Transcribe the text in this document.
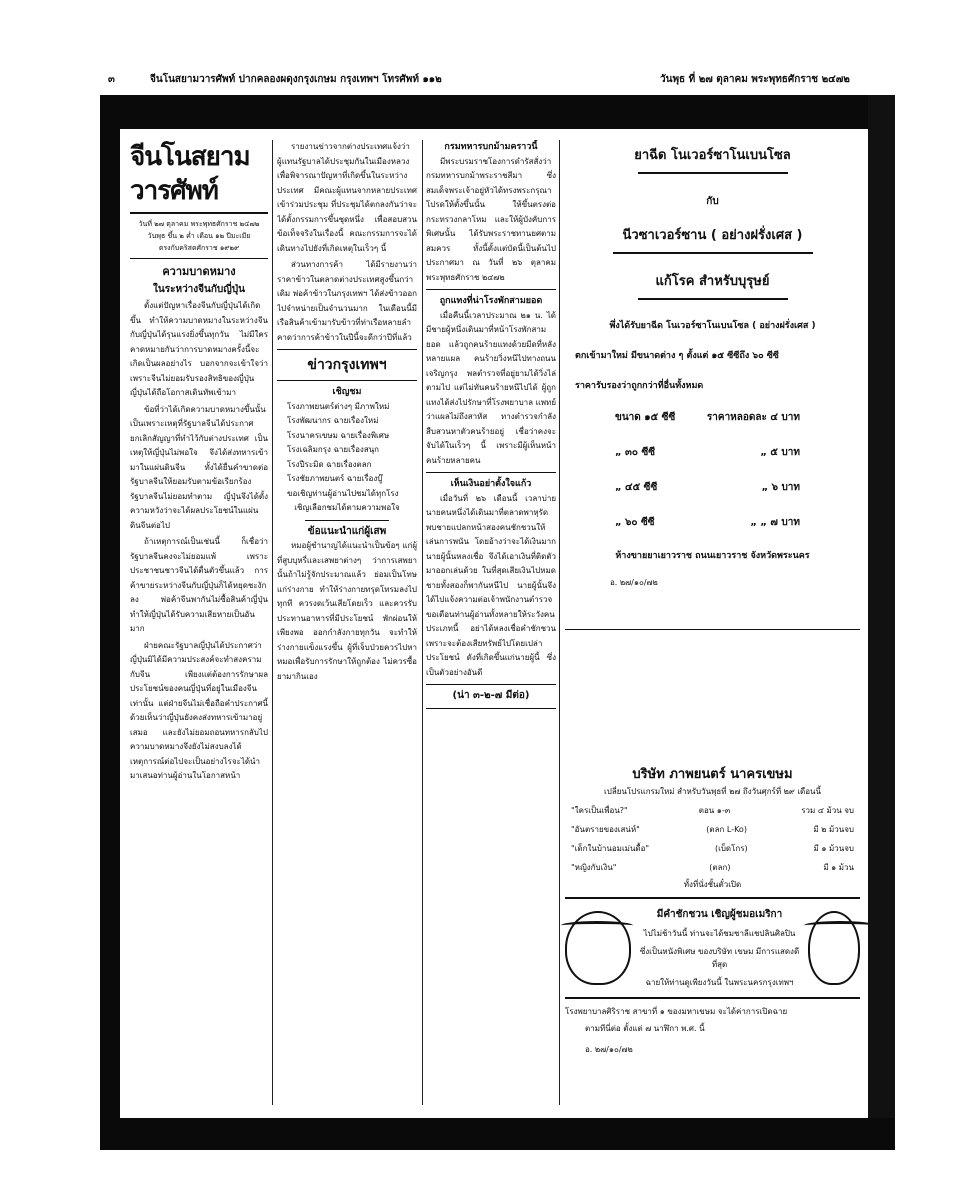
๓	จีนโนสยามวารศัพท์ ปากคลองผดุงกรุงเกษม กรุงเทพฯ โทรศัพท์ ๑๑๒	วันพุธ ที่ ๒๗ ตุลาคม พระพุทธศักราช ๒๔๗๒
จีนโนสยามวารศัพท์
วันที่ ๒๗ ตุลาคม พระพุทธศักราช ๒๔๗๒
วันพุธ ขึ้น ๒ ค่ำ เดือน ๑๒ ปีมะเมีย
ตรงกับคริสตศักราช ๑๙๒๙
ความบาดหมาง
ในระหว่างจีนกับญี่ปุ่น

ตั้งแต่ปัญหาเรื่องจีนกับญี่ปุ่นได้เกิดขึ้น ทำให้ความบาดหมางในระหว่างจีนกับญี่ปุ่นได้รุนแรงยิ่งขึ้นทุกวัน ไม่มีใครคาดหมายกันว่าการบาดหมางครั้งนี้จะเกิดเป็นผลอย่างไร บอกจากจะเข้าใจว่า เพราะจีนไม่ยอมรับรองสิทธิของญี่ปุ่น ญี่ปุ่นได้ถือโอกาสเดินทัพเข้ามา

ข้อที่ว่าได้เกิดความบาดหมางขึ้นนั้น เป็นเพราะเหตุที่รัฐบาลจีนได้ประกาศยกเลิกสัญญาที่ทำไว้กับต่างประเทศ เป็นเหตุให้ญี่ปุ่นไม่พอใจ จึงได้ส่งทหารเข้ามาในแผ่นดินจีน ทั้งได้ยื่นคำขาดต่อรัฐบาลจีนให้ยอมรับตามข้อเรียกร้อง รัฐบาลจีนไม่ยอมทำตาม ญี่ปุ่นจึงได้ตั้งความหวังว่าจะได้ผลประโยชน์ในแผ่นดินจีนต่อไป

ถ้าเหตุการณ์เป็นเช่นนี้ ก็เชื่อว่ารัฐบาลจีนคงจะไม่ยอมแพ้ เพราะประชาชนชาวจีนได้ตื่นตัวขึ้นแล้ว การค้าขายระหว่างจีนกับญี่ปุ่นก็ได้หยุดชะงักลง พ่อค้าจีนพากันไม่ซื้อสินค้าญี่ปุ่น ทำให้ญี่ปุ่นได้รับความเสียหายเป็นอันมาก

ฝ่ายคณะรัฐบาลญี่ปุ่นได้ประกาศว่า ญี่ปุ่นมิได้มีความประสงค์จะทำสงครามกับจีน เพียงแต่ต้องการรักษาผลประโยชน์ของคนญี่ปุ่นที่อยู่ในเมืองจีนเท่านั้น แต่ฝ่ายจีนไม่เชื่อถือคำประกาศนี้ ด้วยเห็นว่าญี่ปุ่นยังคงส่งทหารเข้ามาอยู่เสมอ และยังไม่ยอมถอนทหารกลับไป ความบาดหมางจึงยังไม่สงบลงได้ เหตุการณ์ต่อไปจะเป็นอย่างไรจะได้นำมาเสนอท่านผู้อ่านในโอกาสหน้า

รายงานข่าวจากต่างประเทศแจ้งว่า ผู้แทนรัฐบาลได้ประชุมกันในเมืองหลวง เพื่อพิจารณาปัญหาที่เกิดขึ้นในระหว่างประเทศ มีคณะผู้แทนจากหลายประเทศเข้าร่วมประชุม ที่ประชุมได้ตกลงกันว่าจะได้ตั้งกรรมการขึ้นชุดหนึ่ง เพื่อสอบสวนข้อเท็จจริงในเรื่องนี้ คณะกรรมการจะได้เดินทางไปยังที่เกิดเหตุในเร็วๆ นี้

ส่วนทางการค้า ได้มีรายงานว่า ราคาข้าวในตลาดต่างประเทศสูงขึ้นกว่าเดิม พ่อค้าข้าวในกรุงเทพฯ ได้ส่งข้าวออกไปจำหน่ายเป็นจำนวนมาก ในเดือนนี้มีเรือสินค้าเข้ามารับข้าวที่ท่าเรือหลายลำ คาดว่าการค้าข้าวในปีนี้จะดีกว่าปีที่แล้ว

ข่าวกรุงเทพฯ
เชิญชม
โรงภาพยนตร์ต่างๆ มีภาพใหม่
โรงพัฒนากร ฉายเรื่องใหม่
โรงนาครเขษม ฉายเรื่องพิเศษ
โรงเฉลิมกรุง ฉายเรื่องสนุก
โรงปีระมิด ฉายเรื่องตลก
โรงชัยภาพยนตร์ ฉายเรื่องบู๊
ขอเชิญท่านผู้อ่านไปชมได้ทุกโรง
เชิญเลือกชมได้ตามความพอใจ
ข้อแนะนำแก่ผู้เสพ

หมอผู้ชำนาญได้แนะนำเป็นข้อๆ แก่ผู้ที่สูบบุหรี่และเสพยาต่างๆ ว่าการเสพยานั้นถ้าไม่รู้จักประมาณแล้ว ย่อมเป็นโทษแก่ร่างกาย ทำให้ร่างกายทรุดโทรมลงไปทุกที ควรงดเว้นเสียโดยเร็ว และควรรับประทานอาหารที่มีประโยชน์ พักผ่อนให้เพียงพอ ออกกำลังกายทุกวัน จะทำให้ร่างกายแข็งแรงขึ้น ผู้ที่เจ็บป่วยควรไปหาหมอเพื่อรับการรักษาให้ถูกต้อง ไม่ควรซื้อยามากินเอง

กรมทหารบกม้ามคราวนี้

มีพระบรมราชโองการดำรัสสั่งว่า กรมทหารบกม้าพระราชสีมา ซึ่งสมเด็จพระเจ้าอยู่หัวได้ทรงพระกรุณาโปรดให้ตั้งขึ้นนั้น ให้ขึ้นตรงต่อกระทรวงกลาโหม และให้ผู้บังคับการพิเศษนั้น ได้รับพระราชทานยศตามสมควร ทั้งนี้ตั้งแต่บัดนี้เป็นต้นไป ประกาศมา ณ วันที่ ๒๖ ตุลาคม พระพุทธศักราช ๒๔๗๒

ถูกแทงที่น่าโรงพักสามยอด

เมื่อคืนนี้เวลาประมาณ ๒๑ น. ได้มีชายผู้หนึ่งเดินมาที่หน้าโรงพักสามยอด แล้วถูกคนร้ายแทงด้วยมีดที่หลังหลายแผล คนร้ายวิ่งหนีไปทางถนนเจริญกรุง พลตำรวจที่อยู่ยามได้วิ่งไล่ตามไป แต่ไม่ทันคนร้ายหนีไปได้ ผู้ถูกแทงได้ส่งไปรักษาที่โรงพยาบาล แพทย์ว่าแผลไม่ถึงสาหัส ทางตำรวจกำลังสืบสวนหาตัวคนร้ายอยู่ เชื่อว่าคงจะจับได้ในเร็วๆ นี้ เพราะมีผู้เห็นหน้าคนร้ายหลายคน

เห็นเงินอย่าตั้งใจแก้ว

เมื่อวันที่ ๒๖ เดือนนี้ เวลาบ่าย นายคนหนึ่งได้เดินมาที่ตลาดพาหุรัด พบชายแปลกหน้าสองคนชักชวนให้เล่นการพนัน โดยอ้างว่าจะได้เงินมาก นายผู้นั้นหลงเชื่อ จึงได้เอาเงินที่ติดตัวมาออกเล่นด้วย ในที่สุดเสียเงินไปหมด ชายทั้งสองก็พากันหนีไป นายผู้นั้นจึงได้ไปแจ้งความต่อเจ้าพนักงานตำรวจ ขอเตือนท่านผู้อ่านทั้งหลายให้ระวังคนประเภทนี้ อย่าได้หลงเชื่อคำชักชวน เพราะจะต้องเสียทรัพย์ไปโดยเปล่าประโยชน์ ดังที่เกิดขึ้นแก่นายผู้นี้ ซึ่งเป็นตัวอย่างอันดี

(น่า ๓-๒-๗ มีต่อ)
ยาฉีด โนเวอร์ซาโนเบนโซล
กับ
นีวซาเวอร์ซาน ( อย่างฝรั่งเศส )
แก้โรค สำหรับบุรุษย์
พึ่งได้รับยาฉีด โนเวอร์ซาโนเบนโซล ( อย่างฝรั่งเศส )
ตกเข้ามาใหม่ มีขนาดต่าง ๆ ตั้งแต่ ๑๕ ซีซีถึง ๖๐ ซีซี
ราคารับรองว่าถูกกว่าที่อื่นทั้งหมด
ขนาด ๑๕ ซีซี	ราคาหลอดละ ๔ บาท
„ ๓๐ ซีซี	„ ๕ บาท
„ ๔๕ ซีซี	„ ๖ บาท
„ ๖๐ ซีซี	„ „ ๗ บาท
ห้างขายยาเยาวราช ถนนเยาวราช จังหวัดพระนคร
อ. ๒๗/๑๐/๗๒
บริษัท ภาพยนตร์ นาครเขษม
เปลี่ยนโปรแกรมใหม่ สำหรับวันพุธที่ ๒๗ ถึงวันศุกร์ที่ ๒๙ เดือนนี้
"ใครเป็นเพื่อน?"	ตอน ๑-๓	รวม ๔ ม้วน จบ
"อันตรายของเสน่ห์"	(ตลก L-Ko)	มี ๒ ม้วนจบ
"เด็กในบ้านอมเม่นดื้อ"	(เบ็ดโกร)	มี ๑ ม้วนจบ
"หญิงกับเงิน"	(ตลก)	มี ๑ ม้วน
ทั้งที่นั่งชั้นตั๋วเปิด
มีคำชักชวน เชิญผู้ชมอเมริกา
ไปไม่ช้าวันนี้ ท่านจะได้ชมชาลีแชปลินศิลปิน
ซึ่งเป็นหนังพิเศษ ของบริษัท เขษม มีการแสดงดีที่สุด
ฉายให้ท่านดูเพียงวันนี้ ในพระนครกรุงเทพฯ
โรงพยาบาลศิริราช สาขาที่ ๑ ของมหาเขษม จะได้ค่าการเปิดฉาย
ตามทีนี่ต่อ ตั้งแต่ ๗ นาฬิกา พ.ศ. นี้
อ. ๒๗/๑๐/๗๒
